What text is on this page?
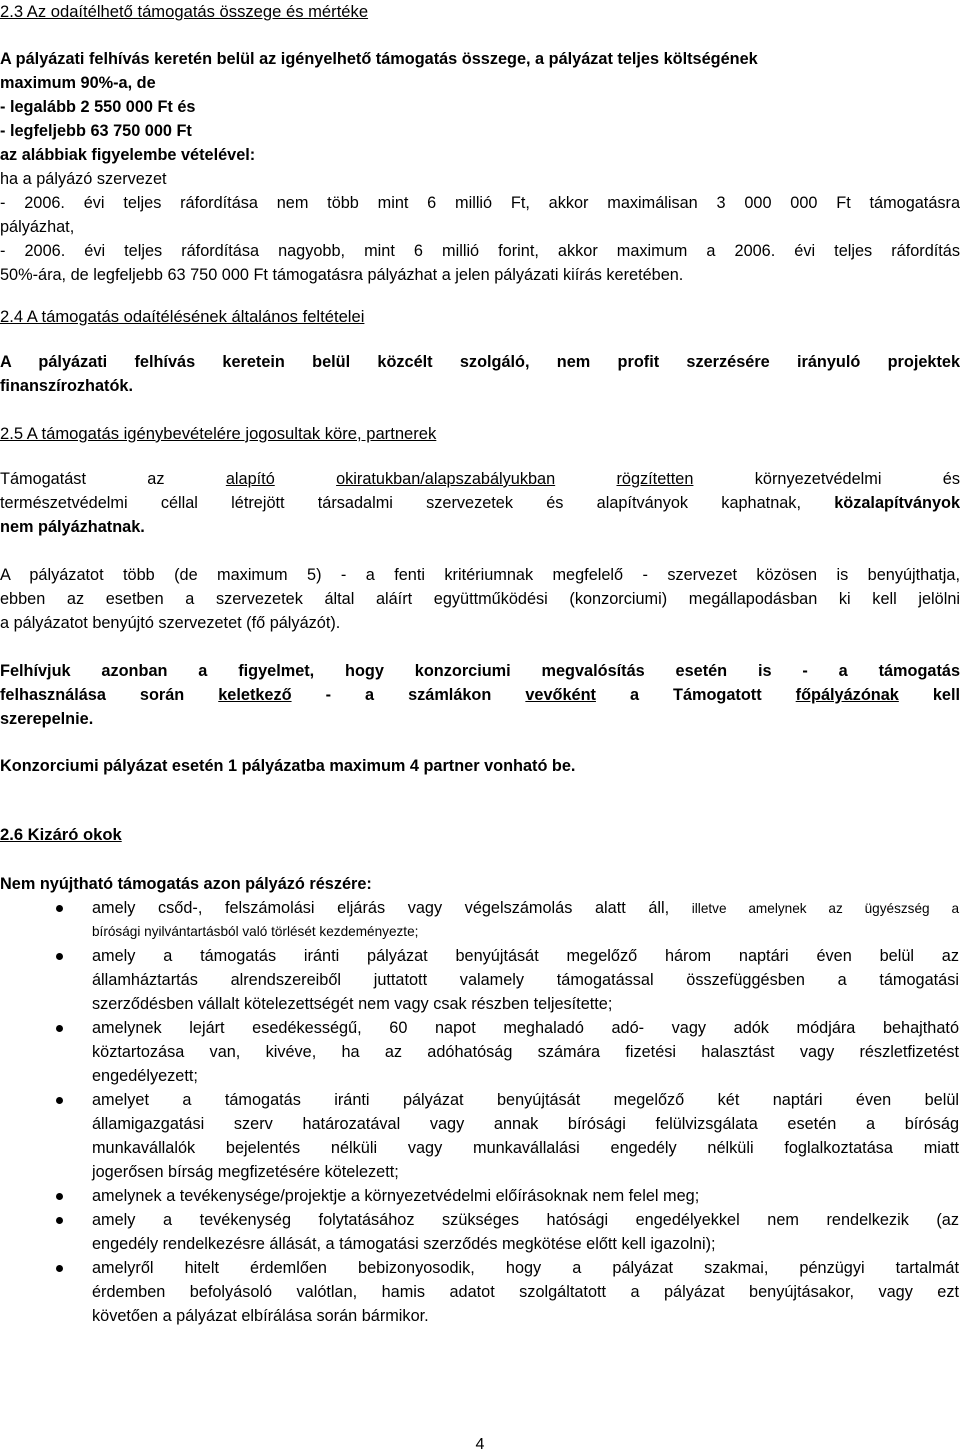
2.3 Az odaítélhető támogatás összege és mértéke
A pályázati felhívás keretén belül az igényelhető támogatás összege, a pályázat teljes költségének
maximum 90%-a, de
- legalább 2 550 000 Ft és
- legfeljebb 63 750 000 Ft
az alábbiak figyelembe vételével:
ha a pályázó szervezet
- 2006. évi teljes ráfordítása nem több mint 6 millió Ft, akkor maximálisan 3 000 000 Ft támogatásra
pályázhat,
- 2006. évi teljes ráfordítása nagyobb, mint 6 millió forint, akkor maximum a 2006. évi teljes ráfordítás
50%-ára, de legfeljebb 63 750 000 Ft támogatásra pályázhat a jelen pályázati kiírás keretében.
2.4 A támogatás odaítélésének általános feltételei
A pályázati felhívás keretein belül közcélt szolgáló, nem profit szerzésére irányuló projektek
finanszírozhatók.
2.5 A támogatás igénybevételére jogosultak köre, partnerek
Támogatást az	alapító	okiratukban/alapszabályukban	rögzítetten	környezetvédelmi és
természetvédelmi céllal létrejött társadalmi szervezetek és alapítványok kaphatnak, közalapítványok
nem pályázhatnak.
A pályázatot több (de maximum 5) - a fenti kritériumnak megfelelő - szervezet közösen is benyújthatja,
ebben az esetben a szervezetek által aláírt együttműködési (konzorciumi) megállapodásban ki kell jelölni
a pályázatot benyújtó szervezetet (fő pályázót).
Felhívjuk azonban a figyelmet, hogy konzorciumi megvalósítás esetén is - a támogatás
felhasználása során keletkező - a számlákon vevőként a Támogatott főpályázónak kell
szerepelnie.
Konzorciumi pályázat esetén 1 pályázatba maximum 4 partner vonható be.
2.6 Kizáró okok
Nem nyújtható támogatás azon pályázó részére:
amely csőd-, felszámolási eljárás vagy végelszámolás alatt áll, illetve amelynek az ügyészség a
bírósági nyilvántartásból való törlését kezdeményezte;
amely a támogatás iránti pályázat benyújtását megelőző három naptári éven belül az
államháztartás alrendszereiből juttatott valamely támogatással összefüggésben a támogatási
szerződésben vállalt kötelezettségét nem vagy csak részben teljesítette;
amelynek lejárt esedékességű, 60 napot meghaladó adó- vagy adók módjára behajtható
köztartozása van, kivéve, ha az adóhatóság számára fizetési halasztást vagy részletfizetést
engedélyezett;
amelyet a támogatás iránti pályázat benyújtását megelőző két naptári éven belül
államigazgatási szerv határozatával vagy annak bírósági felülvizsgálata esetén a bíróság
munkavállalók bejelentés nélküli vagy munkavállalási engedély nélküli foglalkoztatása miatt
jogerősen bírság megfizetésére kötelezett;
amelynek a tevékenysége/projektje a környezetvédelmi előírásoknak nem felel meg;
amely a tevékenység folytatásához szükséges hatósági engedélyekkel nem rendelkezik (az
engedély rendelkezésre állását, a támogatási szerződés megkötése előtt kell igazolni);
amelyről hitelt érdemlően bebizonyosodik, hogy a pályázat szakmai, pénzügyi tartalmát
érdemben befolyásoló valótlan, hamis adatot szolgáltatott a pályázat benyújtásakor, vagy ezt
követően a pályázat elbírálása során bármikor.
4
